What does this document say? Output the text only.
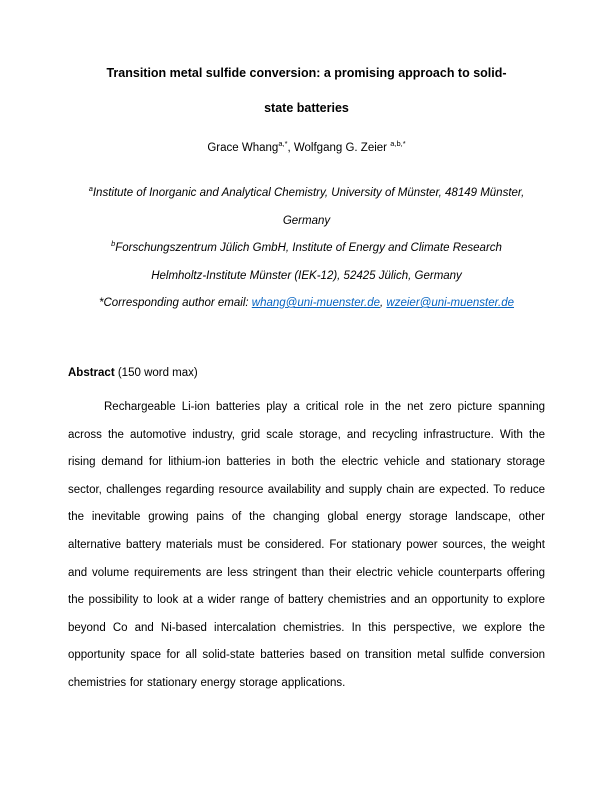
Transition metal sulfide conversion: a promising approach to solid-
state batteries
Grace Whang$^{a,*}$, Wolfgang G. Zeier $^{a,b,*}$
$^a$Institute of Inorganic and Analytical Chemistry, University of Münster, 48149 Münster, Germany
$^b$Forschungszentrum Jülich GmbH, Institute of Energy and Climate Research
Helmholtz-Institute Münster (IEK-12), 52425 Jülich, Germany
*Corresponding author email: whang@uni-muenster.de, wzeier@uni-muenster.de
Abstract (150 word max)

Rechargeable Li-ion batteries play a critical role in the net zero picture spanning across the automotive industry, grid scale storage, and recycling infrastructure. With the rising demand for lithium-ion batteries in both the electric vehicle and stationary storage sector, challenges regarding resource availability and supply chain are expected. To reduce the inevitable growing pains of the changing global energy storage landscape, other alternative battery materials must be considered. For stationary power sources, the weight and volume requirements are less stringent than their electric vehicle counterparts offering the possibility to look at a wider range of battery chemistries and an opportunity to explore beyond Co and Ni-based intercalation chemistries. In this perspective, we explore the opportunity space for all solid-state batteries based on transition metal sulfide conversion chemistries for stationary energy storage applications.
